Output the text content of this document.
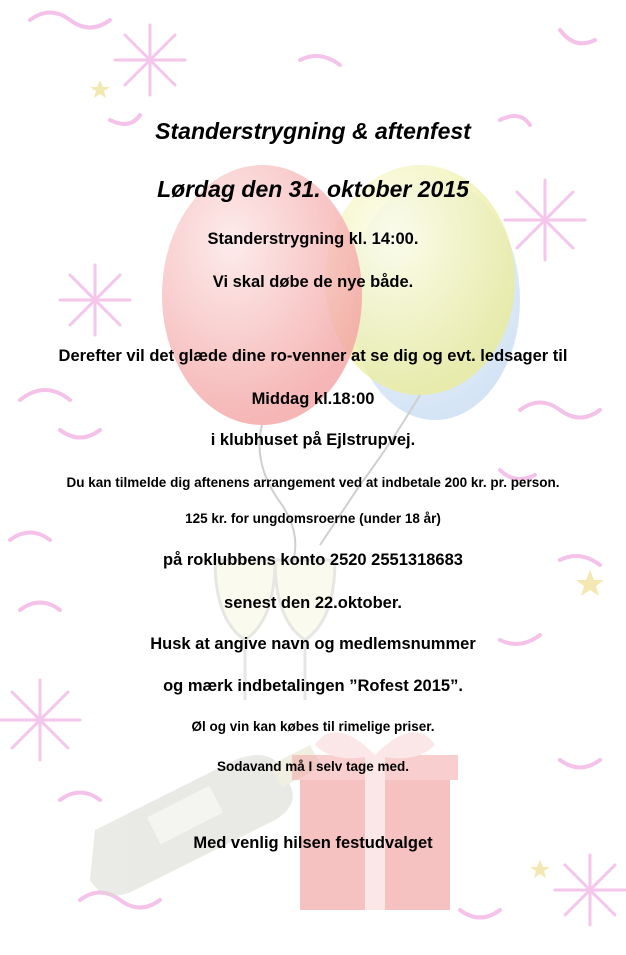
Standerstrygning & aftenfest
Lørdag den 31. oktober 2015
Standerstrygning kl. 14:00.
Vi skal døbe de nye både.
Derefter vil det glæde dine ro-venner at se dig og evt. ledsager til
Middag kl.18:00
i klubhuset på Ejlstrupvej.
Du kan tilmelde dig aftenens arrangement ved at indbetale 200 kr. pr. person.
125 kr. for ungdomsroerne (under 18 år)
på roklubbens konto 2520 2551318683
senest den 22.oktober.
Husk at angive navn og medlemsnummer
og mærk indbetalingen ”Rofest 2015”.
Øl og vin kan købes til rimelige priser.
Sodavand må I selv tage med.
Med venlig hilsen festudvalget
